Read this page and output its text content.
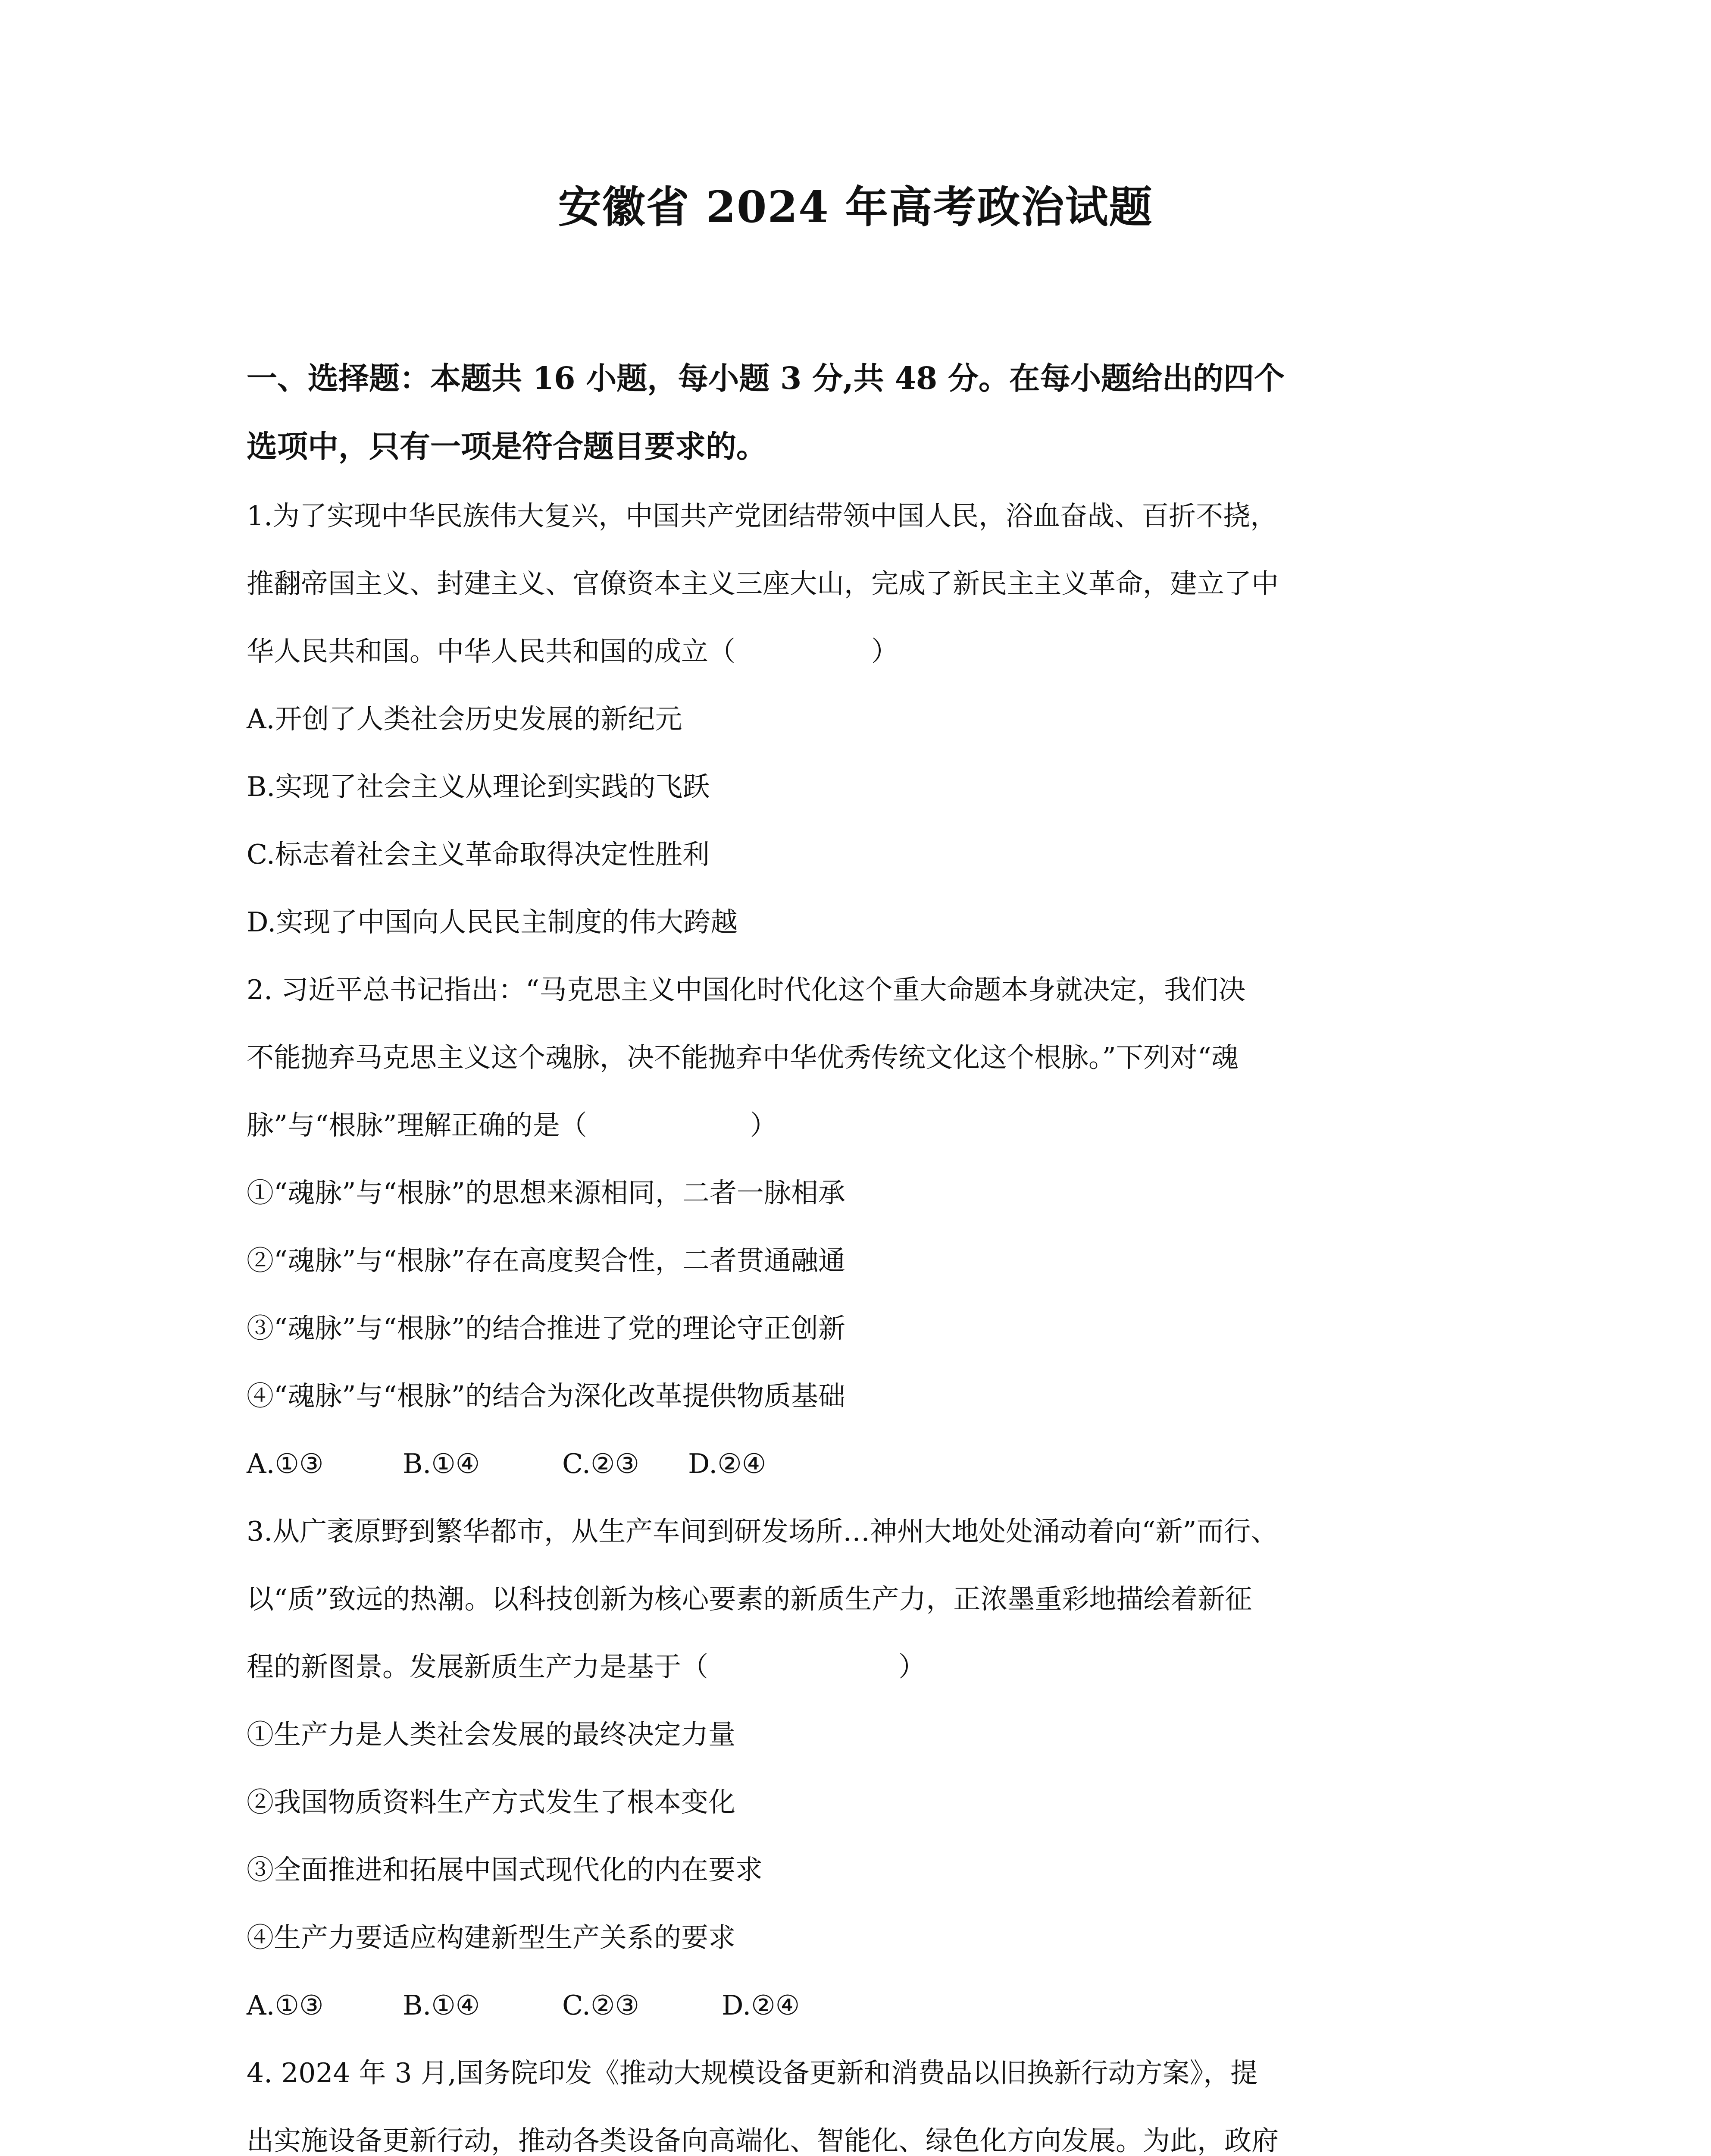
安徽省 2024 年高考政治试题
一、选择题：本题共 16 小题，每小题 3 分,共 48 分。在每小题给出的四个
选项中，只有一项是符合题目要求的。
1.为了实现中华民族伟大复兴，中国共产党团结带领中国人民，浴血奋战、百折不挠，
推翻帝国主义、封建主义、官僚资本主义三座大山，完成了新民主主义革命，建立了中
华人民共和国。中华人民共和国的成立（　　　　　）
A.开创了人类社会历史发展的新纪元
B.实现了社会主义从理论到实践的飞跃
C.标志着社会主义革命取得决定性胜利
D.实现了中国向人民民主制度的伟大跨越
2. 习近平总书记指出：“马克思主义中国化时代化这个重大命题本身就决定，我们决
不能抛弃马克思主义这个魂脉，决不能抛弃中华优秀传统文化这个根脉。”下列对“魂
脉”与“根脉”理解正确的是（　　　　　　）
①“魂脉”与“根脉”的思想来源相同，二者一脉相承
②“魂脉”与“根脉”存在高度契合性，二者贯通融通
③“魂脉”与“根脉”的结合推进了党的理论守正创新
④“魂脉”与“根脉”的结合为深化改革提供物质基础
A.①③	B.①④	C.②③ D.②④
3.从广袤原野到繁华都市，从生产车间到研发场所…神州大地处处涌动着向“新”而行、
以“质”致远的热潮。以科技创新为核心要素的新质生产力，正浓墨重彩地描绘着新征
程的新图景。发展新质生产力是基于（　　　　　　　）
①生产力是人类社会发展的最终决定力量
②我国物质资料生产方式发生了根本变化
③全面推进和拓展中国式现代化的内在要求
④生产力要适应构建新型生产关系的要求
A.①③	B.①④	C.②③	D.②④
4. 2024 年 3 月,国务院印发《推动大规模设备更新和消费品以旧换新行动方案》，提
出实施设备更新行动，推动各类设备向高端化、智能化、绿色化方向发展。为此，政府
